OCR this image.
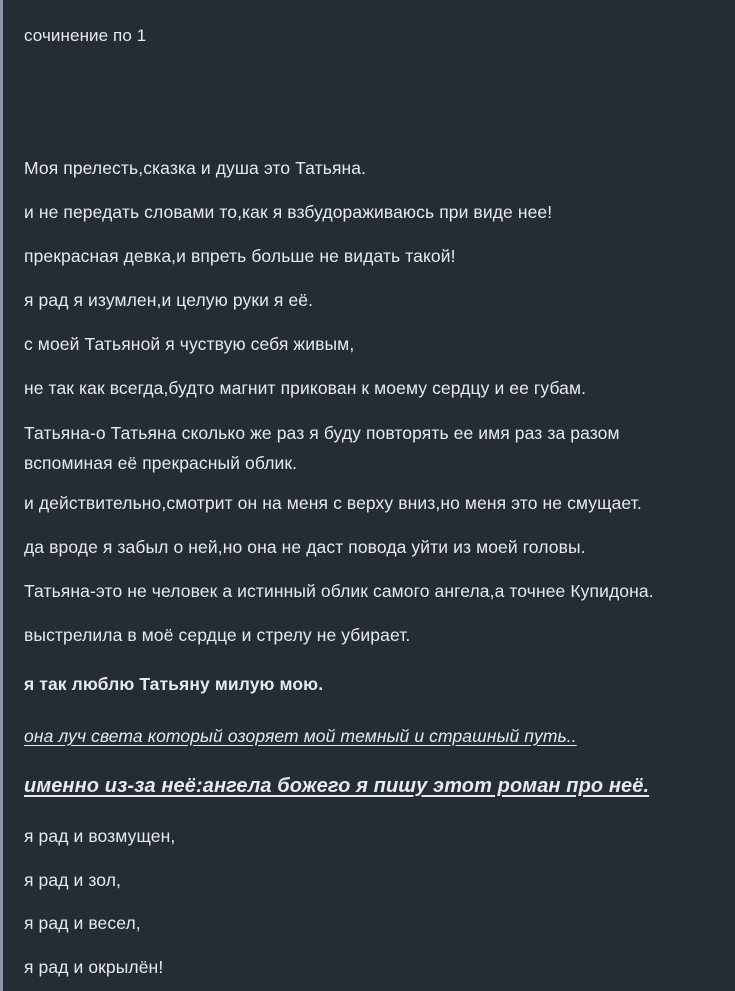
сочинение по 1
Моя прелесть,сказка и душа это Татьяна.
и не передать словами то,как я взбудораживаюсь при виде нее!
прекрасная девка,и впреть больше не видать такой!
я рад я изумлен,и целую руки я её.
с моей Татьяной я чуствую себя живым,
не так как всегда,будто магнит прикован к моему сердцу и ее губам.
Татьяна-о Татьяна сколько же раз я буду повторять ее имя раз за разом
вспоминая её прекрасный облик.
и действительно,смотрит он на меня с верху вниз,но меня это не смущает.
да вроде я забыл о ней,но она не даст повода уйти из моей головы.
Татьяна-это не человек а истинный облик самого ангела,а точнее Купидона.
выстрелила в моё сердце и стрелу не убирает.
я так люблю Татьяну милую мою.
она луч света который озоряет мой темный и страшный путь..
именно из-за неё:ангела божего я пишу этот роман про неё.
я рад и возмущен,
я рад и зол,
я рад и весел,
я рад и окрылён!
